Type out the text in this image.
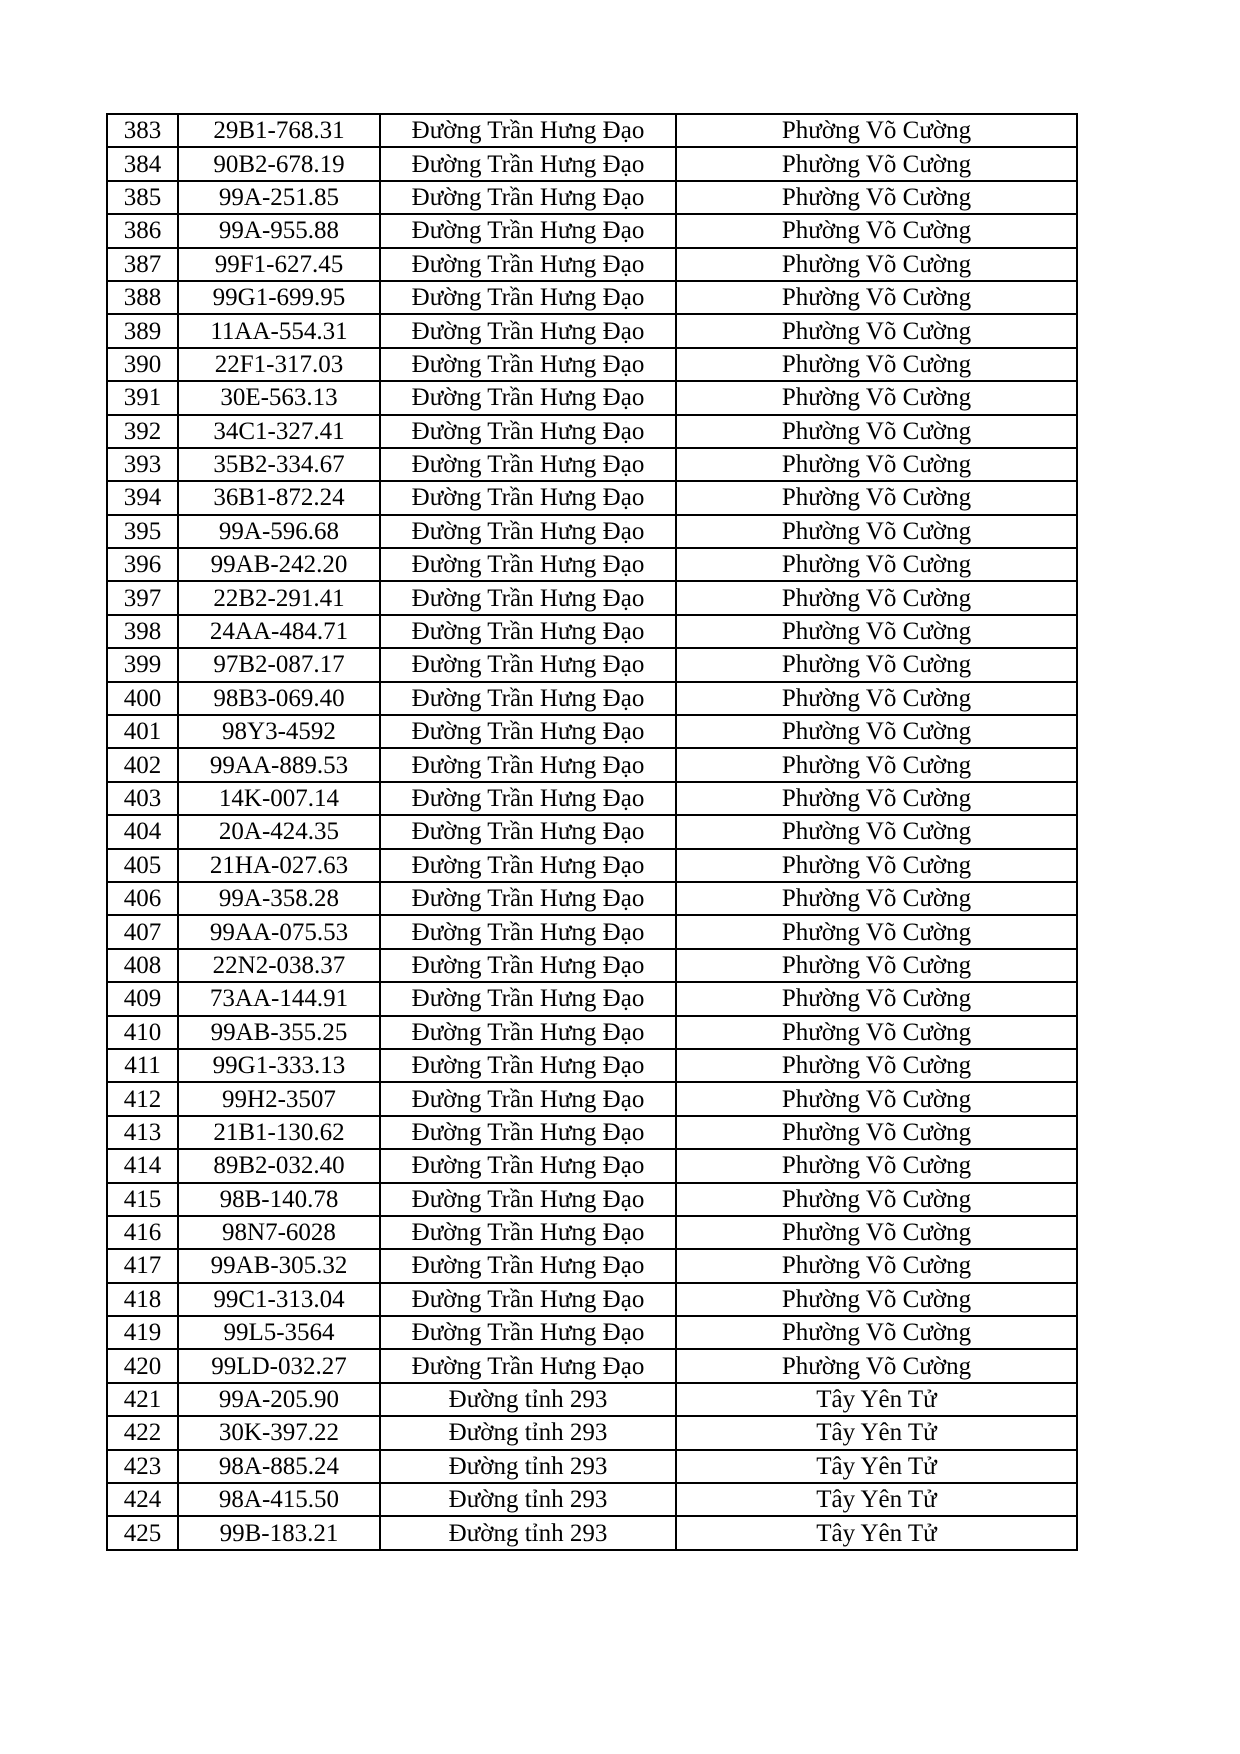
383	29B1-768.31	Đường Trần Hưng Đạo	Phường Võ Cường
384	90B2-678.19	Đường Trần Hưng Đạo	Phường Võ Cường
385	99A-251.85	Đường Trần Hưng Đạo	Phường Võ Cường
386	99A-955.88	Đường Trần Hưng Đạo	Phường Võ Cường
387	99F1-627.45	Đường Trần Hưng Đạo	Phường Võ Cường
388	99G1-699.95	Đường Trần Hưng Đạo	Phường Võ Cường
389	11AA-554.31	Đường Trần Hưng Đạo	Phường Võ Cường
390	22F1-317.03	Đường Trần Hưng Đạo	Phường Võ Cường
391	30E-563.13	Đường Trần Hưng Đạo	Phường Võ Cường
392	34C1-327.41	Đường Trần Hưng Đạo	Phường Võ Cường
393	35B2-334.67	Đường Trần Hưng Đạo	Phường Võ Cường
394	36B1-872.24	Đường Trần Hưng Đạo	Phường Võ Cường
395	99A-596.68	Đường Trần Hưng Đạo	Phường Võ Cường
396	99AB-242.20	Đường Trần Hưng Đạo	Phường Võ Cường
397	22B2-291.41	Đường Trần Hưng Đạo	Phường Võ Cường
398	24AA-484.71	Đường Trần Hưng Đạo	Phường Võ Cường
399	97B2-087.17	Đường Trần Hưng Đạo	Phường Võ Cường
400	98B3-069.40	Đường Trần Hưng Đạo	Phường Võ Cường
401	98Y3-4592	Đường Trần Hưng Đạo	Phường Võ Cường
402	99AA-889.53	Đường Trần Hưng Đạo	Phường Võ Cường
403	14K-007.14	Đường Trần Hưng Đạo	Phường Võ Cường
404	20A-424.35	Đường Trần Hưng Đạo	Phường Võ Cường
405	21HA-027.63	Đường Trần Hưng Đạo	Phường Võ Cường
406	99A-358.28	Đường Trần Hưng Đạo	Phường Võ Cường
407	99AA-075.53	Đường Trần Hưng Đạo	Phường Võ Cường
408	22N2-038.37	Đường Trần Hưng Đạo	Phường Võ Cường
409	73AA-144.91	Đường Trần Hưng Đạo	Phường Võ Cường
410	99AB-355.25	Đường Trần Hưng Đạo	Phường Võ Cường
411	99G1-333.13	Đường Trần Hưng Đạo	Phường Võ Cường
412	99H2-3507	Đường Trần Hưng Đạo	Phường Võ Cường
413	21B1-130.62	Đường Trần Hưng Đạo	Phường Võ Cường
414	89B2-032.40	Đường Trần Hưng Đạo	Phường Võ Cường
415	98B-140.78	Đường Trần Hưng Đạo	Phường Võ Cường
416	98N7-6028	Đường Trần Hưng Đạo	Phường Võ Cường
417	99AB-305.32	Đường Trần Hưng Đạo	Phường Võ Cường
418	99C1-313.04	Đường Trần Hưng Đạo	Phường Võ Cường
419	99L5-3564	Đường Trần Hưng Đạo	Phường Võ Cường
420	99LD-032.27	Đường Trần Hưng Đạo	Phường Võ Cường
421	99A-205.90	Đường tỉnh 293	Tây Yên Tử
422	30K-397.22	Đường tỉnh 293	Tây Yên Tử
423	98A-885.24	Đường tỉnh 293	Tây Yên Tử
424	98A-415.50	Đường tỉnh 293	Tây Yên Tử
425	99B-183.21	Đường tỉnh 293	Tây Yên Tử
